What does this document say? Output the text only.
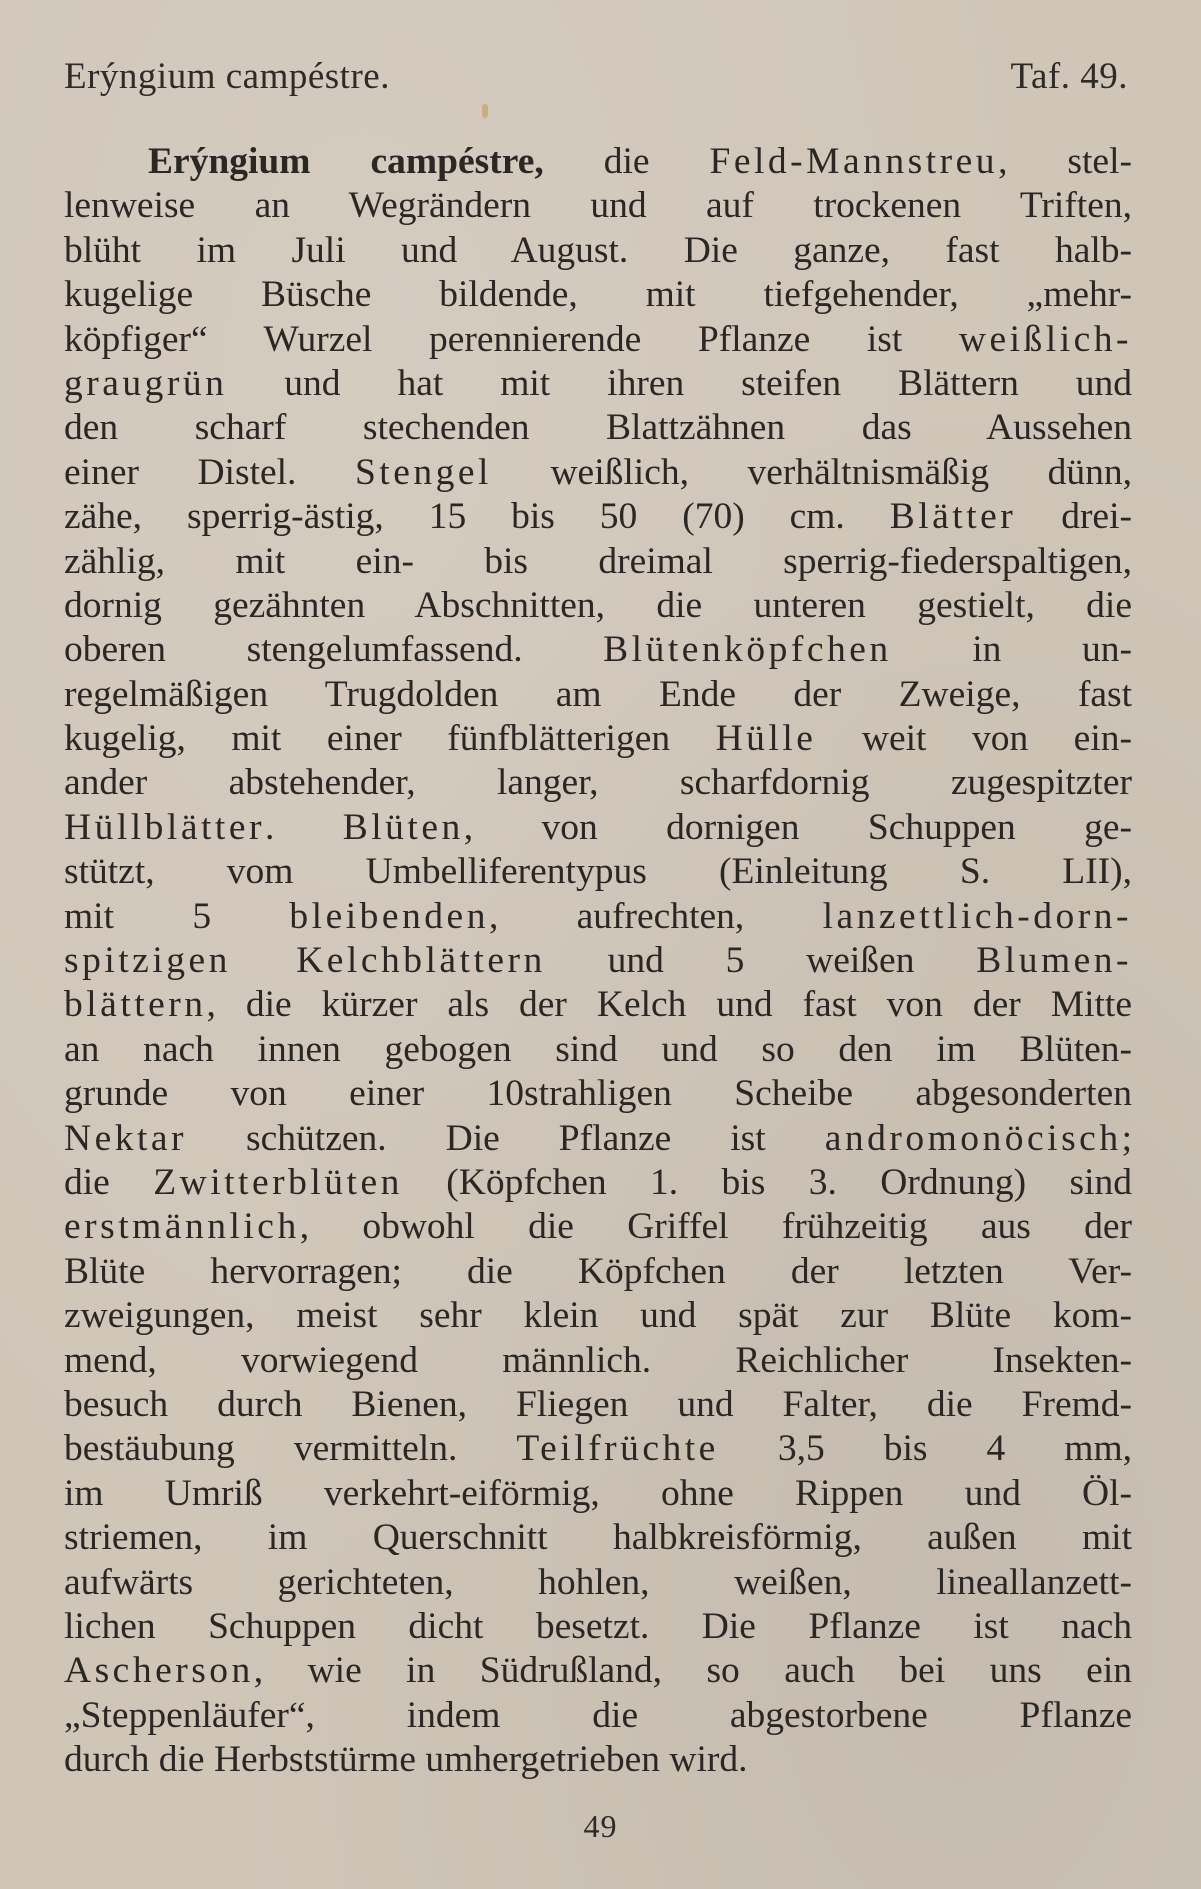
Erýngium campéstre.	Taf. 49.
Erýngium campéstre, die Feld-Mannstreu, stel-
lenweise an Wegrändern und auf trockenen Triften,
blüht im Juli und August. Die ganze, fast halb-
kugelige Büsche bildende, mit tiefgehender, „mehr-
köpfiger“ Wurzel perennierende Pflanze ist weißlich-
graugrün und hat mit ihren steifen Blättern und
den scharf stechenden Blattzähnen das Aussehen
einer Distel. Stengel weißlich, verhältnismäßig dünn,
zähe, sperrig-ästig, 15 bis 50 (70) cm. Blätter drei-
zählig, mit ein- bis dreimal sperrig-fiederspaltigen,
dornig gezähnten Abschnitten, die unteren gestielt, die
oberen stengelumfassend. Blütenköpfchen in un-
regelmäßigen Trugdolden am Ende der Zweige, fast
kugelig, mit einer fünfblätterigen Hülle weit von ein-
ander abstehender, langer, scharfdornig zugespitzter
Hüllblätter. Blüten, von dornigen Schuppen ge-
stützt, vom Umbelliferentypus (Einleitung S. LII),
mit 5 bleibenden, aufrechten, lanzettlich-dorn-
spitzigen Kelchblättern und 5 weißen Blumen-
blättern, die kürzer als der Kelch und fast von der Mitte
an nach innen gebogen sind und so den im Blüten-
grunde von einer 10strahligen Scheibe abgesonderten
Nektar schützen. Die Pflanze ist andromonöcisch;
die Zwitterblüten (Köpfchen 1. bis 3. Ordnung) sind
erstmännlich, obwohl die Griffel frühzeitig aus der
Blüte hervorragen; die Köpfchen der letzten Ver-
zweigungen, meist sehr klein und spät zur Blüte kom-
mend, vorwiegend männlich. Reichlicher Insekten-
besuch durch Bienen, Fliegen und Falter, die Fremd-
bestäubung vermitteln. Teilfrüchte 3,5 bis 4 mm,
im Umriß verkehrt-eiförmig, ohne Rippen und Öl-
striemen, im Querschnitt halbkreisförmig, außen mit
aufwärts gerichteten, hohlen, weißen, lineallanzett-
lichen Schuppen dicht besetzt. Die Pflanze ist nach
Ascherson, wie in Südrußland, so auch bei uns ein
„Steppenläufer“, indem die abgestorbene Pflanze
durch die Herbststürme umhergetrieben wird.
49
